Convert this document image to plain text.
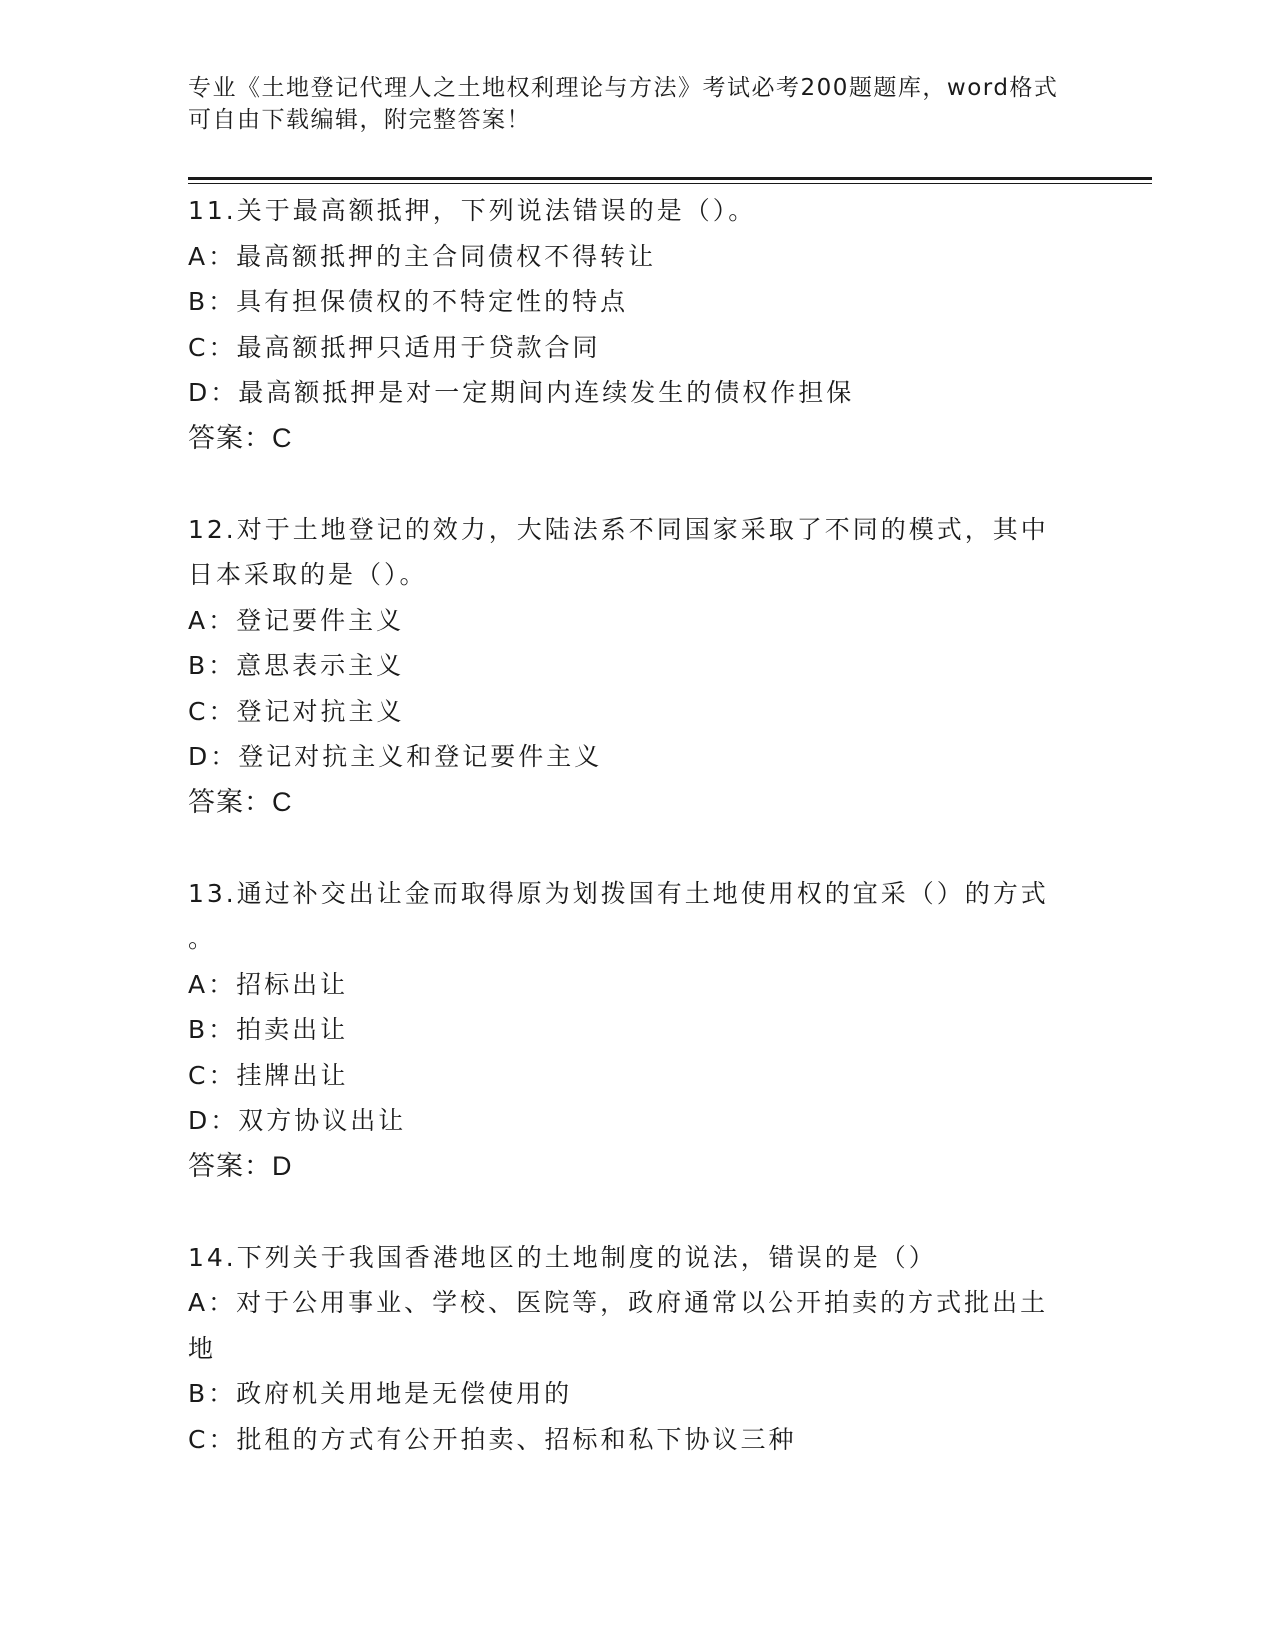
专业《土地登记代理人之土地权利理论与方法》考试必考200题题库，word格式可自由下载编辑，附完整答案！
11.关于最高额抵押，下列说法错误的是（）。
A：最高额抵押的主合同债权不得转让
B：具有担保债权的不特定性的特点
C：最高额抵押只适用于贷款合同
D：最高额抵押是对一定期间内连续发生的债权作担保
答案：C
12.对于土地登记的效力，大陆法系不同国家采取了不同的模式，其中
日本采取的是（）。
A：登记要件主义
B：意思表示主义
C：登记对抗主义
D：登记对抗主义和登记要件主义
答案：C
13.通过补交出让金而取得原为划拨国有土地使用权的宜采（）的方式
。
A：招标出让
B：拍卖出让
C：挂牌出让
D：双方协议出让
答案：D
14.下列关于我国香港地区的土地制度的说法，错误的是（）
A：对于公用事业、学校、医院等，政府通常以公开拍卖的方式批出土
地
B：政府机关用地是无偿使用的
C：批租的方式有公开拍卖、招标和私下协议三种
